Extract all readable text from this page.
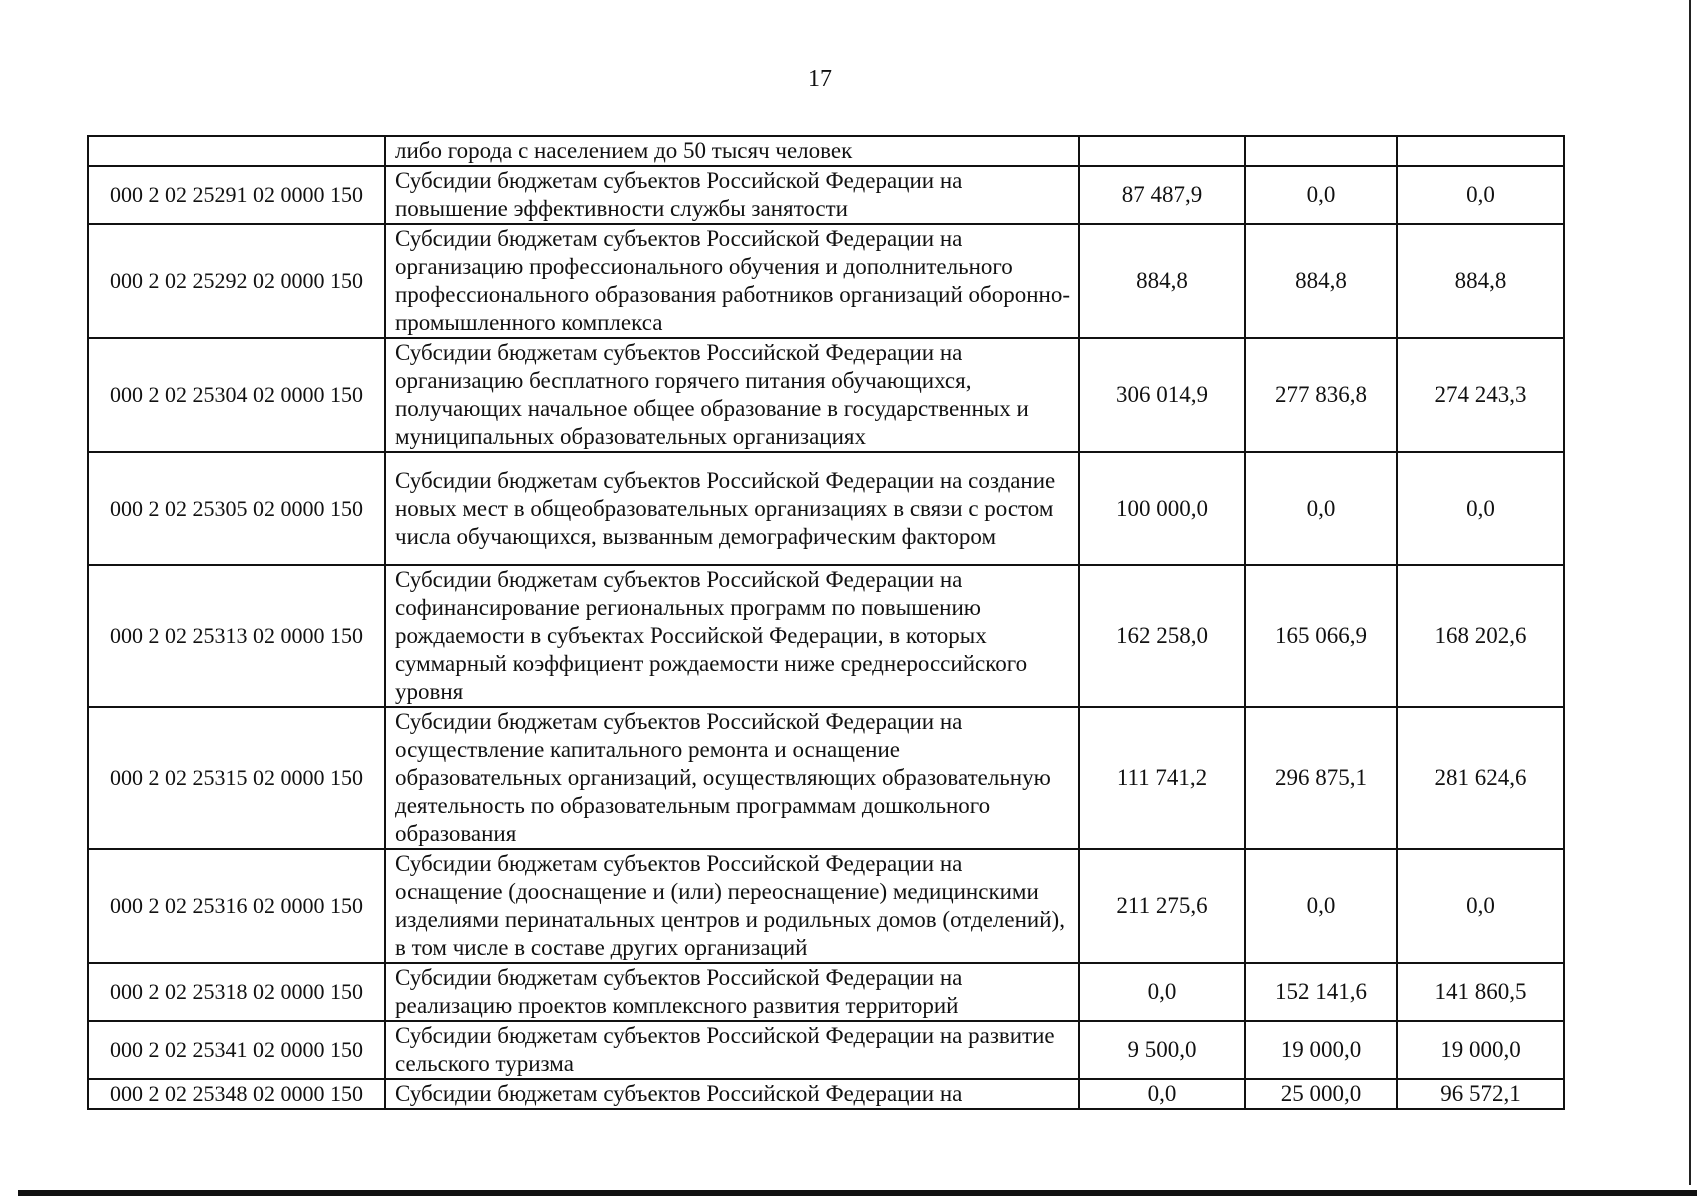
17
	либо города с населением до 50 тысяч человек			
000 2 02 25291 02 0000 150	Субсидии бюджетам субъектов Российской Федерации на повышение эффективности службы занятости	87 487,9	0,0	0,0
000 2 02 25292 02 0000 150	Субсидии бюджетам субъектов Российской Федерации на организацию профессионального обучения и дополнительного профессионального образования работников организаций оборонно-промышленного комплекса	884,8	884,8	884,8
000 2 02 25304 02 0000 150	Субсидии бюджетам субъектов Российской Федерации на организацию бесплатного горячего питания обучающихся, получающих начальное общее образование в государственных и муниципальных образовательных организациях	306 014,9	277 836,8	274 243,3
000 2 02 25305 02 0000 150	Субсидии бюджетам субъектов Российской Федерации на создание новых мест в общеобразовательных организациях в связи с ростом числа обучающихся, вызванным демографическим фактором	100 000,0	0,0	0,0
000 2 02 25313 02 0000 150	Субсидии бюджетам субъектов Российской Федерации на софинансирование региональных программ по повышению рождаемости в субъектах Российской Федерации, в которых суммарный коэффициент рождаемости ниже среднероссийского уровня	162 258,0	165 066,9	168 202,6
000 2 02 25315 02 0000 150	Субсидии бюджетам субъектов Российской Федерации на осуществление капитального ремонта и оснащение образовательных организаций, осуществляющих образовательную деятельность по образовательным программам дошкольного образования	111 741,2	296 875,1	281 624,6
000 2 02 25316 02 0000 150	Субсидии бюджетам субъектов Российской Федерации на оснащение (дооснащение и (или) переоснащение) медицинскими изделиями перинатальных центров и родильных домов (отделений), в том числе в составе других организаций	211 275,6	0,0	0,0
000 2 02 25318 02 0000 150	Субсидии бюджетам субъектов Российской Федерации на реализацию проектов комплексного развития территорий	0,0	152 141,6	141 860,5
000 2 02 25341 02 0000 150	Субсидии бюджетам субъектов Российской Федерации на развитие сельского туризма	9 500,0	19 000,0	19 000,0
000 2 02 25348 02 0000 150	Субсидии бюджетам субъектов Российской Федерации на	0,0	25 000,0	96 572,1
